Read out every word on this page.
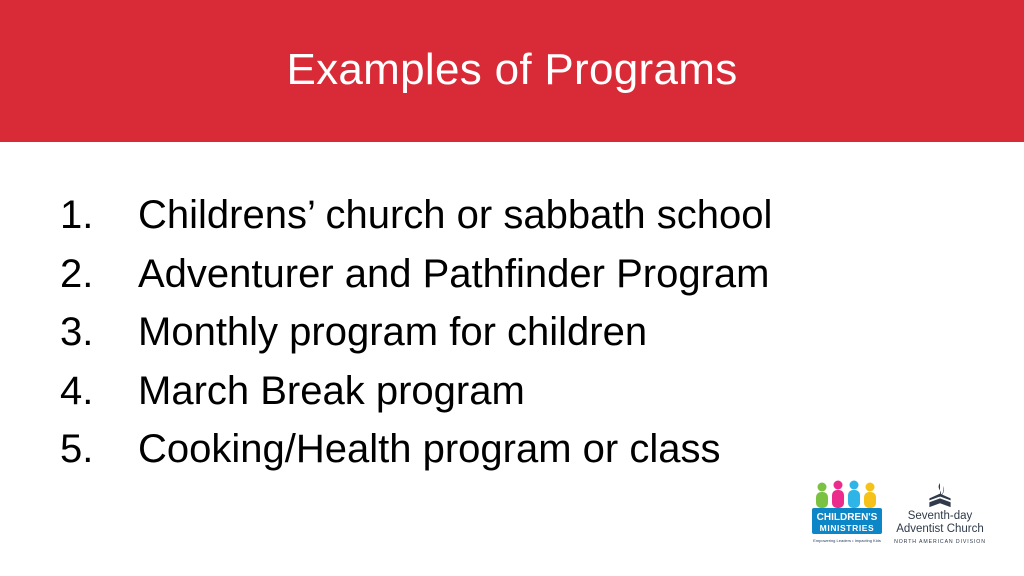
Examples of Programs
1.	Childrens’ church or sabbath school
2.	Adventurer and Pathfinder Program
3.	Monthly program for children
4.	March Break program
5.	Cooking/Health program or class
CHILDREN'S
MINISTRIES
Empowering Leaders • Impacting Kids
Seventh-day
Adventist Church
NORTH AMERICAN DIVISION
